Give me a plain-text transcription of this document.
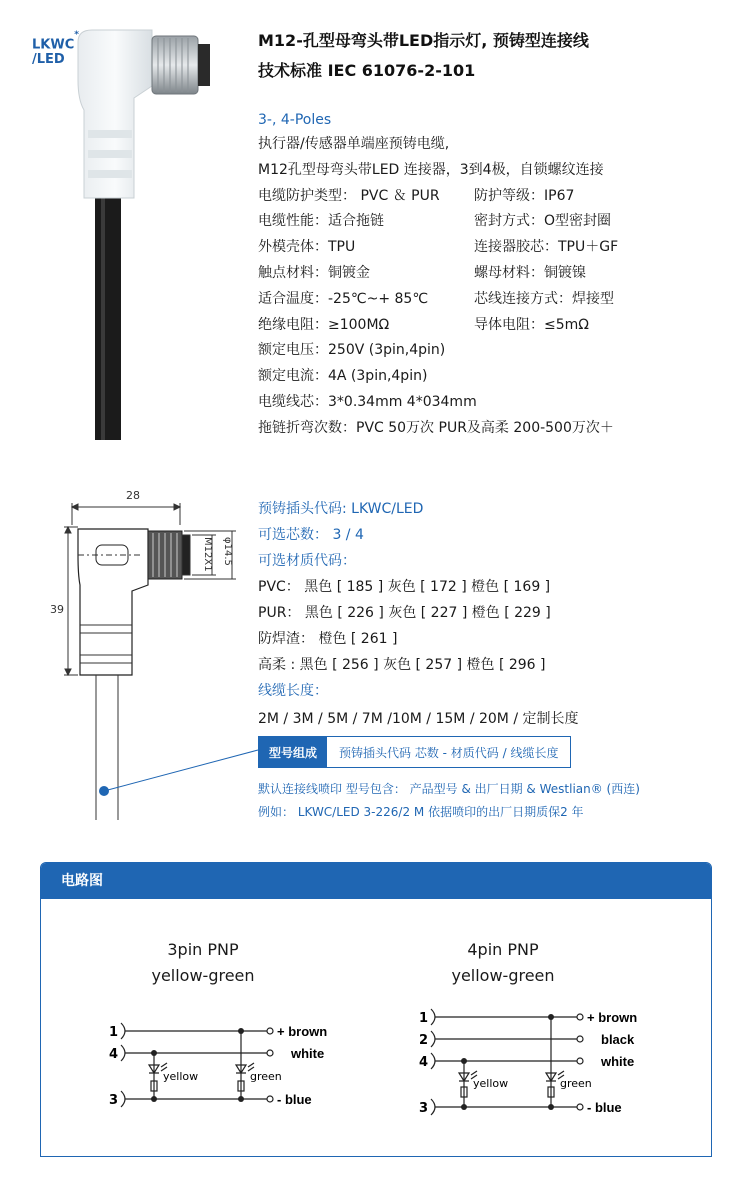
LKWC*
/LED
M12-孔型母弯头带LED指示灯, 预铸型连接线
技术标准 IEC 61076-2-101
3-, 4-Poles
执行器/传感器单端座预铸电缆,
M12孔型母弯头带LED 连接器，3到4极，自锁螺纹连接
电缆防护类型： PVC ＆ PUR 防护等级：IP67
电缆性能：适合拖链	密封方式：O型密封圈
外模壳体：TPU	连接器胶芯：TPU＋GF
触点材料：铜镀金	螺母材料：铜镀镍
适合温度：-25℃~+ 85℃	芯线连接方式：焊接型
绝缘电阻：≥100MΩ	导体电阻：≤5mΩ
额定电压：250V (3pin,4pin)
额定电流：4A (3pin,4pin)
电缆线芯：3*0.34mm 4*034mm
拖链折弯次数：PVC 50万次 PUR及高柔 200-500万次＋
28
39
M12X1 φ14.5
预铸插头代码: LKWC/LED
可选芯数： 3 / 4
可选材质代码：
PVC： 黑色 [ 185 ] 灰色 [ 172 ] 橙色 [ 169 ]
PUR： 黑色 [ 226 ] 灰色 [ 227 ] 橙色 [ 229 ]
防焊渣： 橙色 [ 261 ]
高柔 : 黑色 [ 256 ] 灰色 [ 257 ] 橙色 [ 296 ]
线缆长度：
2M / 3M / 5M / 7M /10M / 15M / 20M / 定制长度
型号组成	预铸插头代码 芯数 - 材质代码 / 线缆长度
默认连接线喷印 型号包含： 产品型号 & 出厂日期 & Westlian® (西连)
例如： LKWC/LED 3-226/2 M 依据喷印的出厂日期质保2 年
电路图
3pin PNP
yellow-green
1
4
3
+ brown
white
- blue
yellow	green
4pin PNP
yellow-green
1
2
4
3
+ brown
black
white
- blue
yellow	green
